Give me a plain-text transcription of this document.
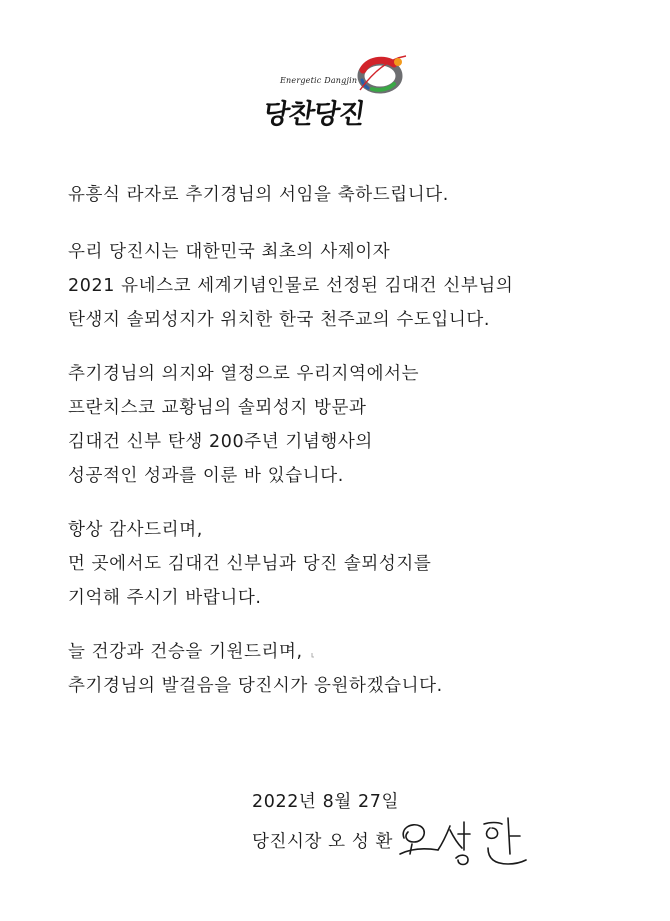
Energetic Dangjin
당찬당진
유흥식 라자로 추기경님의 서임을 축하드립니다.
우리 당진시는 대한민국 최초의 사제이자
2021 유네스코 세계기념인물로 선정된 김대건 신부님의
탄생지 솔뫼성지가 위치한 한국 천주교의 수도입니다.
추기경님의 의지와 열정으로 우리지역에서는
프란치스코 교황님의 솔뫼성지 방문과
김대건 신부 탄생 200주년 기념행사의
성공적인 성과를 이룬 바 있습니다.
항상 감사드리며,
먼 곳에서도 김대건 신부님과 당진 솔뫼성지를
기억해 주시기 바랍니다.
늘 건강과 건승을 기원드리며,
추기경님의 발걸음을 당진시가 응원하겠습니다.
2022년 8월 27일
당진시장 오 성 환
